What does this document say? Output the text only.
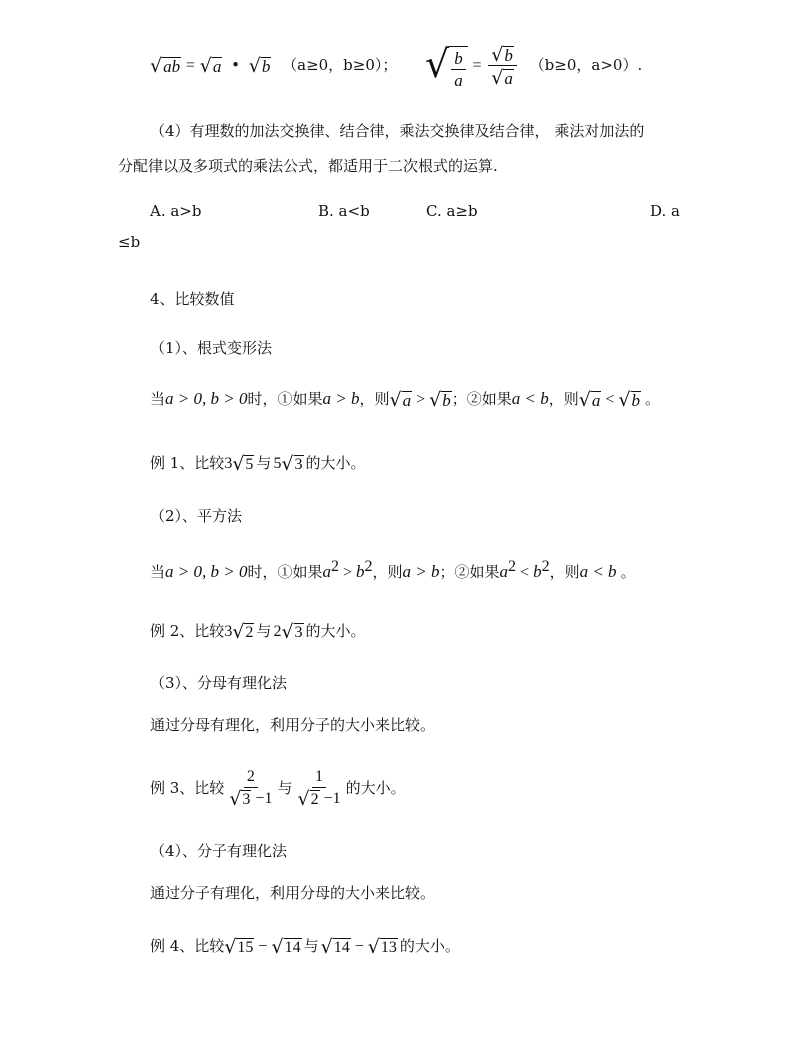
√ ab = √ a • √ b （a≥0，b≥0）； √ $\frac{b}{a} = \frac{√ b}{√ a} (b\ge 0$，a>0）.
（4）有理数的加法交换律、结合律，乘法交换律及结合律， 乘法对加法的
分配律以及多项式的乘法公式，都适用于二次根式的运算.
A. a>b	B. a<b	C. a≥b	D. a
≤b
4、比较数值
（1）、根式变形法
当a > 0, b > 0时，①如果a > b，则 √ a > √ b ；②如果a < b，则 √ a < √ b 。
例 1、比较3 √ 5 与 5 √ 3 的大小。
（2）、平方法
当a > 0, b > 0时，①如果$a^2 > b^2$，则a > b；②如果$a^2 < b^2$，则a < b 。
例 2、比较3 √ 2 与 2 √ 3 的大小。
（3）、分母有理化法
通过分母有理化，利用分子的大小来比较。
例 3、比较 $\frac{2}{√ 3 -1}$ 与 $\frac{1}{√ 2 -1}$ 的大小。
（4）、分子有理化法
通过分子有理化，利用分母的大小来比较。
例 4、比较 √ 15 − √ 14 与 √ 14 − √ 13 的大小。
